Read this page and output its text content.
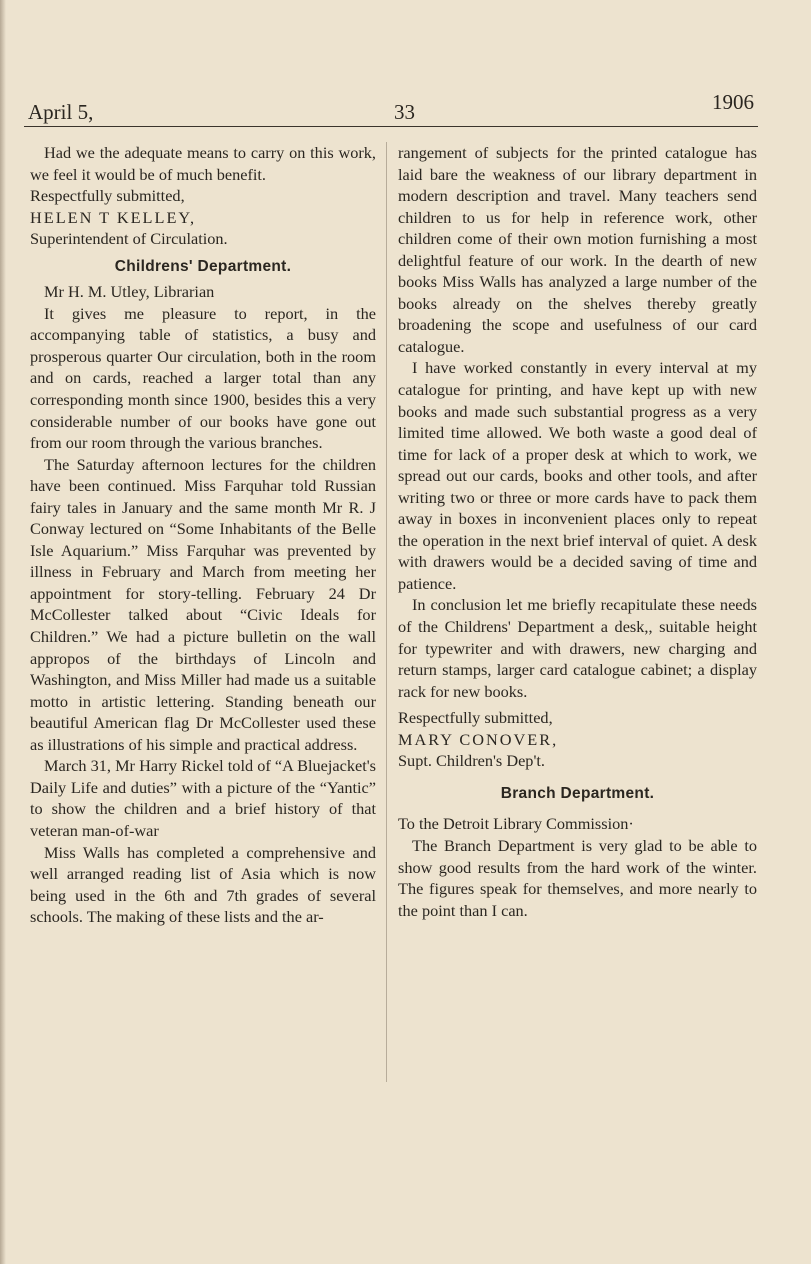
April 5,	33	1906

Had we the adequate means to carry on this work, we feel it would be of much benefit.

Respectfully submitted,

HELEN T KELLEY,

Superintendent of Circulation.

Childrens' Department.

Mr H. M. Utley, Librarian

It gives me pleasure to report, in the accompanying table of statistics, a busy and prosperous quarter Our circulation, both in the room and on cards, reached a larger total than any corresponding month since 1900, besides this a very considerable number of our books have gone out from our room through the various branches.

The Saturday afternoon lectures for the children have been continued. Miss Farquhar told Russian fairy tales in January and the same month Mr R. J Conway lectured on “Some Inhabitants of the Belle Isle Aquarium.” Miss Farquhar was prevented by illness in February and March from meeting her appointment for story-telling. February 24 Dr McCollester talked about “Civic Ideals for Children.” We had a picture bulletin on the wall appropos of the birthdays of Lincoln and Washington, and Miss Miller had made us a suitable motto in artistic lettering. Standing beneath our beautiful American flag Dr McCollester used these as illustrations of his simple and practical address.

March 31, Mr Harry Rickel told of “A Bluejacket's Daily Life and duties” with a picture of the “Yantic” to show the children and a brief history of that veteran man-of-war

Miss Walls has completed a comprehensive and well arranged reading list of Asia which is now being used in the 6th and 7th grades of several schools. The making of these lists and the ar-

rangement of subjects for the printed catalogue has laid bare the weakness of our library department in modern description and travel. Many teachers send children to us for help in reference work, other children come of their own motion furnishing a most delightful feature of our work. In the dearth of new books Miss Walls has analyzed a large number of the books already on the shelves thereby greatly broadening the scope and usefulness of our card catalogue.

I have worked constantly in every interval at my catalogue for printing, and have kept up with new books and made such substantial progress as a very limited time allowed. We both waste a good deal of time for lack of a proper desk at which to work, we spread out our cards, books and other tools, and after writing two or three or more cards have to pack them away in boxes in inconvenient places only to repeat the operation in the next brief interval of quiet. A desk with drawers would be a decided saving of time and patience.

In conclusion let me briefly recapitulate these needs of the Childrens' Department a desk,, suitable height for typewriter and with drawers, new charging and return stamps, larger card catalogue cabinet; a display rack for new books.

Respectfully submitted,

MARY CONOVER,

Supt. Children's Dep't.

Branch Department.

To the Detroit Library Commission·

The Branch Department is very glad to be able to show good results from the hard work of the winter. The figures speak for themselves, and more nearly to the point than I can.
